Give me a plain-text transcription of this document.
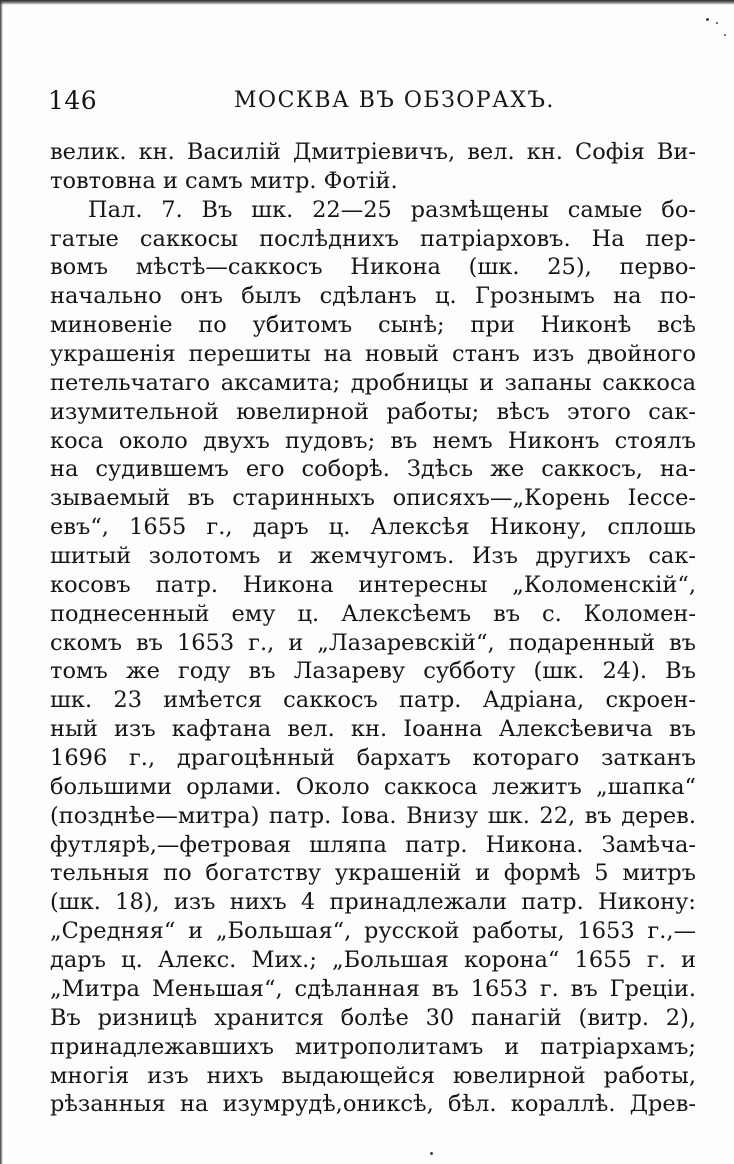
146	МОСКВА ВЪ ОБЗОРАХЪ.
велик. кн. Василій Дмитріевичъ, вел. кн. Софія Ви-
товтовна и самъ митр. Фотій.
Пал. 7. Въ шк. 22—25 размѣщены самые бо-
гатые саккосы послѣднихъ патріарховъ. На пер-
вомъ мѣстѣ—саккосъ Никона (шк. 25), перво-
начально онъ былъ сдѣланъ ц. Грознымъ на по-
миновеніе по убитомъ сынѣ; при Никонѣ всѣ
украшенія перешиты на новый станъ изъ двойного
петельчатаго аксамита; дробницы и запаны саккоса
изумительной ювелирной работы; вѣсъ этого сак-
коса около двухъ пудовъ; въ немъ Никонъ стоялъ
на судившемъ его соборѣ. Здѣсь же саккосъ, на-
зываемый въ старинныхъ описяхъ—„Корень Іессе-
евъ“, 1655 г., даръ ц. Алексѣя Никону, сплошь
шитый золотомъ и жемчугомъ. Изъ другихъ сак-
косовъ патр. Никона интересны „Коломенскій“,
поднесенный ему ц. Алексѣемъ въ с. Коломен-
скомъ въ 1653 г., и „Лазаревскій“, подаренный въ
томъ же году въ Лазареву субботу (шк. 24). Въ
шк. 23 имѣется саккосъ патр. Адріана, скроен-
ный изъ кафтана вел. кн. Іоанна Алексѣевича въ
1696 г., драгоцѣнный бархатъ котораго затканъ
большими орлами. Около саккоса лежитъ „шапка“
(позднѣе—митра) патр. Іова. Внизу шк. 22, въ дерев.
футлярѣ,—фетровая шляпа патр. Никона. Замѣча-
тельныя по богатству украшеній и формѣ 5 митръ
(шк. 18), изъ нихъ 4 принадлежали патр. Никону:
„Средняя“ и „Большая“, русской работы, 1653 г.,—
даръ ц. Алекс. Мих.; „Большая корона“ 1655 г. и
„Митра Меньшая“, сдѣланная въ 1653 г. въ Греціи.
Въ ризницѣ хранится болѣе 30 панагій (витр. 2),
принадлежавшихъ митрополитамъ и патріархамъ;
многія изъ нихъ выдающейся ювелирной работы,
рѣзанныя на изумрудѣ,ониксѣ, бѣл. кораллѣ. Древ-
